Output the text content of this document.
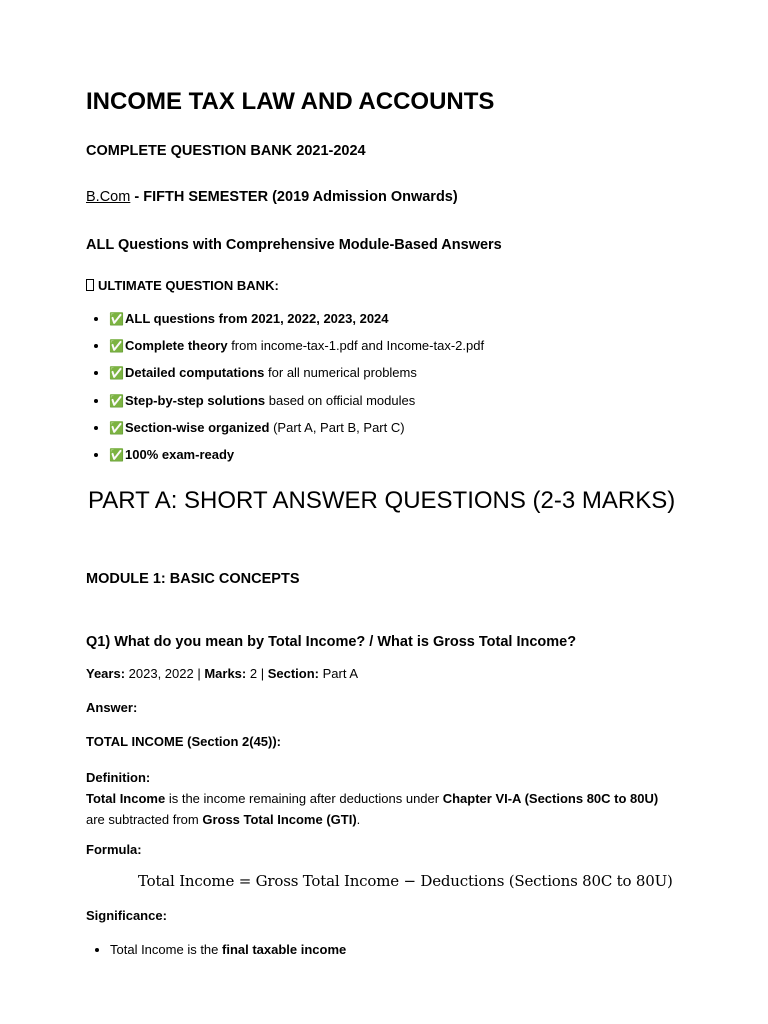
INCOME TAX LAW AND ACCOUNTS
COMPLETE QUESTION BANK 2021-2024

B.Com - FIFTH SEMESTER (2019 Admission Onwards)

ALL Questions with Comprehensive Module-Based Answers
ULTIMATE QUESTION BANK:
• ✅ALL questions from 2021, 2022, 2023, 2024
• ✅Complete theory from income-tax-1.pdf and Income-tax-2.pdf
• ✅Detailed computations for all numerical problems
• ✅Step-by-step solutions based on official modules
• ✅Section-wise organized (Part A, Part B, Part C)
• ✅100% exam-ready
PART A: SHORT ANSWER QUESTIONS (2-3 MARKS)
MODULE 1: BASIC CONCEPTS
Q1) What do you mean by Total Income? / What is Gross Total Income?

Years: 2023, 2022 | Marks: 2 | Section: Part A

Answer:

TOTAL INCOME (Section 2(45)):

Definition:
Total Income is the income remaining after deductions under Chapter VI-A (Sections 80C to 80U)
are subtracted from Gross Total Income (GTI).

Formula:

Total Income = Gross Total Income − Deductions (Sections 80C to 80U)

Significance:

• Total Income is the final taxable income
